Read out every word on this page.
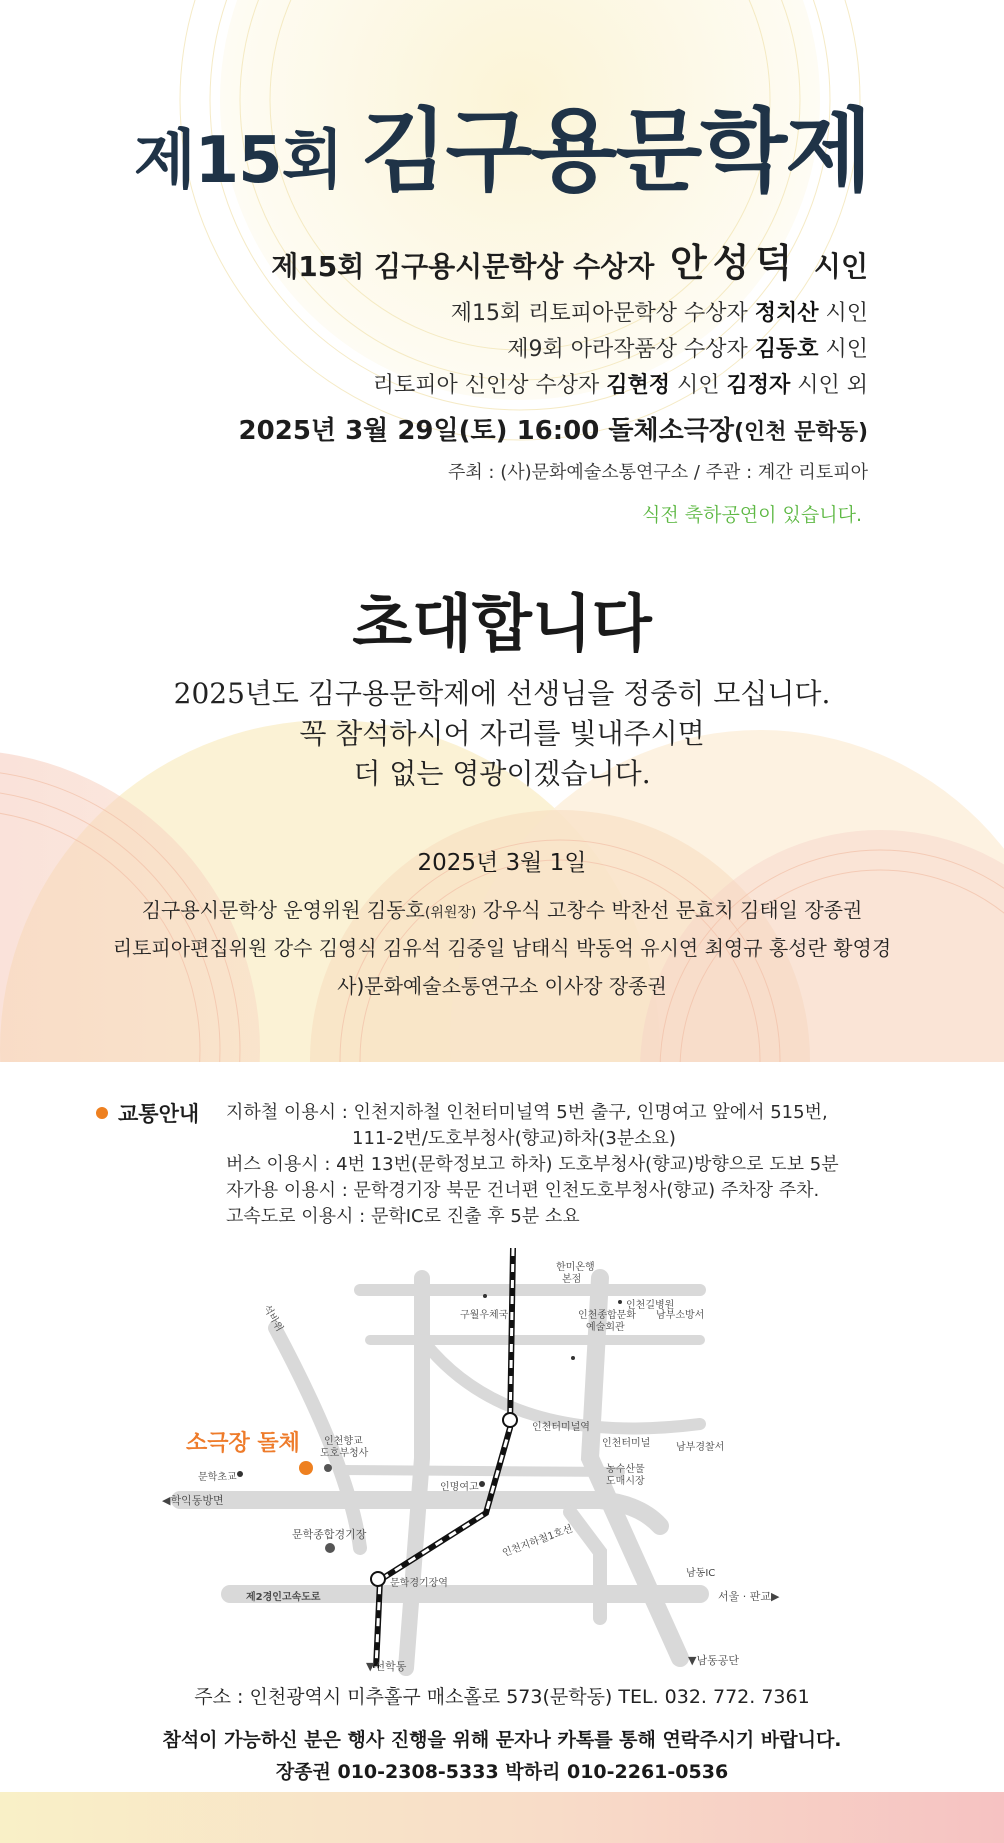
제15회 김구용문학제
제15회 김구용시문학상 수상자 안성덕 시인
제15회 리토피아문학상 수상자 정치산 시인
제9회 아라작품상 수상자 김동호 시인
리토피아 신인상 수상자 김현정 시인 김정자 시인 외
2025년 3월 29일(토) 16:00 돌체소극장(인천 문학동)
주최 : (사)문화예술소통연구소 / 주관 : 계간 리토피아
식전 축하공연이 있습니다.
초대합니다
2025년도 김구용문학제에 선생님을 정중히 모십니다.
꼭 참석하시어 자리를 빛내주시면
더 없는 영광이겠습니다.
2025년 3월 1일
김구용시문학상 운영위원 김동호(위원장) 강우식 고창수 박찬선 문효치 김태일 장종권
리토피아편집위원 강수 김영식 김유석 김중일 남태식 박동억 유시연 최영규 홍성란 황영경
사)문화예술소통연구소 이사장 장종권
교통안내 지하철 이용시 : 인천지하철 인천터미널역 5번 출구, 인명여고 앞에서 515번,
111-2번/도호부청사(향교)하차(3분소요)
버스 이용시 : 4번 13번(문학정보고 하차) 도호부청사(향교)방향으로 도보 5분
자가용 이용시 : 문학경기장 북문 건너편 인천도호부청사(향교) 주차장 주차.
고속도로 이용시 : 문학IC로 진출 후 5분 소요
한미온행
본점
구월우체국
인천길병원
인천종합문화
예술회관
남부소방서
석바위
인천터미널역
인천터미널	남부경찰서
농수산물
도매시장
소극장 돌체 인천향교
도호부청사
문학초교
인명여고
◀학익동방면
문학종합경기장	인천지하철1호선
문학경기장역
제2경인고속도로
남동IC
서울 · 판교▶
▼선학동	▼남동공단
주소 : 인천광역시 미추홀구 매소홀로 573(문학동) TEL. 032. 772. 7361
참석이 가능하신 분은 행사 진행을 위해 문자나 카톡를 통해 연락주시기 바랍니다.
장종권 010-2308-5333 박하리 010-2261-0536
